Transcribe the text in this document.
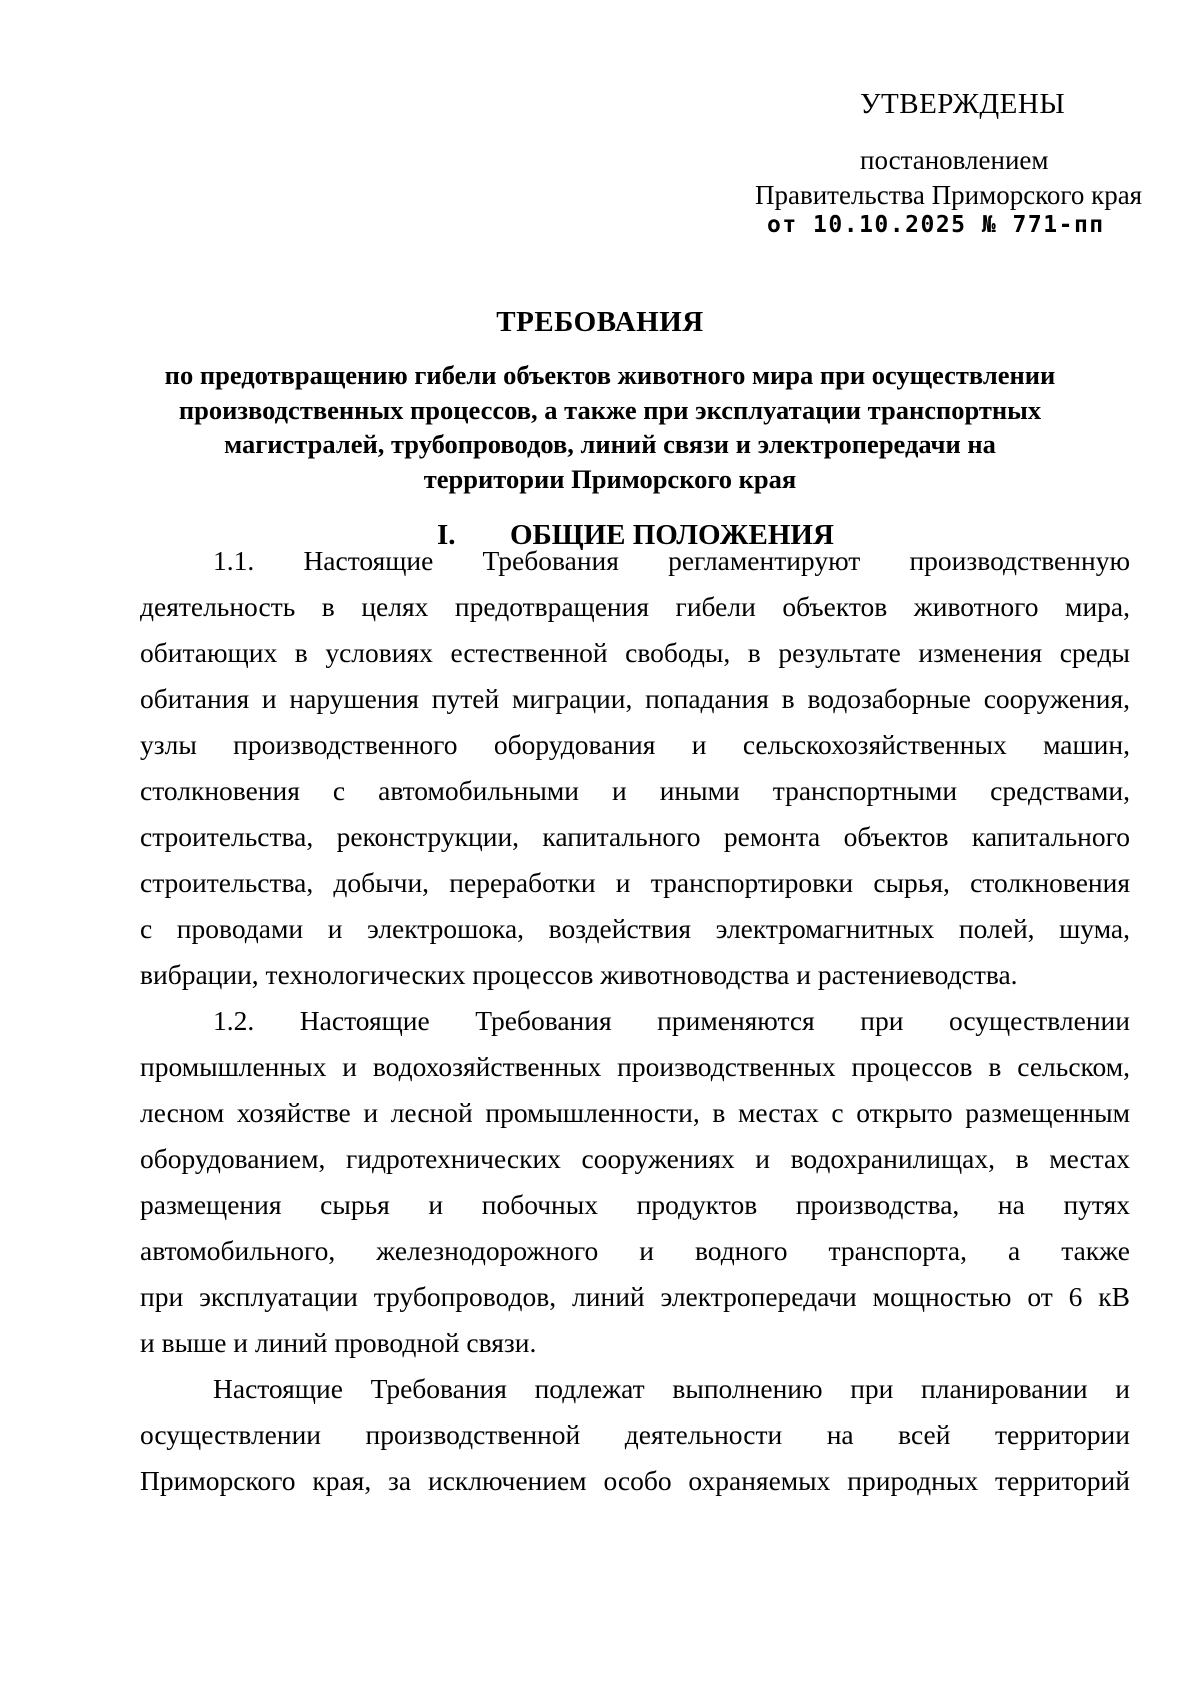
УТВЕРЖДЕНЫ
постановлением
Правительства Приморского края
от 10.10.2025 № 771-пп
ТРЕБОВАНИЯ
по предотвращению гибели объектов животного мира при осуществлении
производственных процессов, а также при эксплуатации транспортных
магистралей, трубопроводов, линий связи и электропередачи на
территории Приморского края
I. ОБЩИЕ ПОЛОЖЕНИЯ
1.1. Настоящие Требования регламентируют производственную
деятельность в целях предотвращения гибели объектов животного мира,
обитающих в условиях естественной свободы, в результате изменения среды
обитания и нарушения путей миграции, попадания в водозаборные сооружения,
узлы производственного оборудования и сельскохозяйственных машин,
столкновения с автомобильными и иными транспортными средствами,
строительства, реконструкции, капитального ремонта объектов капитального
строительства, добычи, переработки и транспортировки сырья, столкновения
с проводами и электрошока, воздействия электромагнитных полей, шума,
вибрации, технологических процессов животноводства и растениеводства.
1.2. Настоящие Требования применяются при осуществлении
промышленных и водохозяйственных производственных процессов в сельском,
лесном хозяйстве и лесной промышленности, в местах с открыто размещенным
оборудованием, гидротехнических сооружениях и водохранилищах, в местах
размещения сырья и побочных продуктов производства, на путях
автомобильного, железнодорожного и водного транспорта, а также
при эксплуатации трубопроводов, линий электропередачи мощностью от 6 кВ
и выше и линий проводной связи.
Настоящие Требования подлежат выполнению при планировании и
осуществлении производственной деятельности на всей территории
Приморского края, за исключением особо охраняемых природных территорий
